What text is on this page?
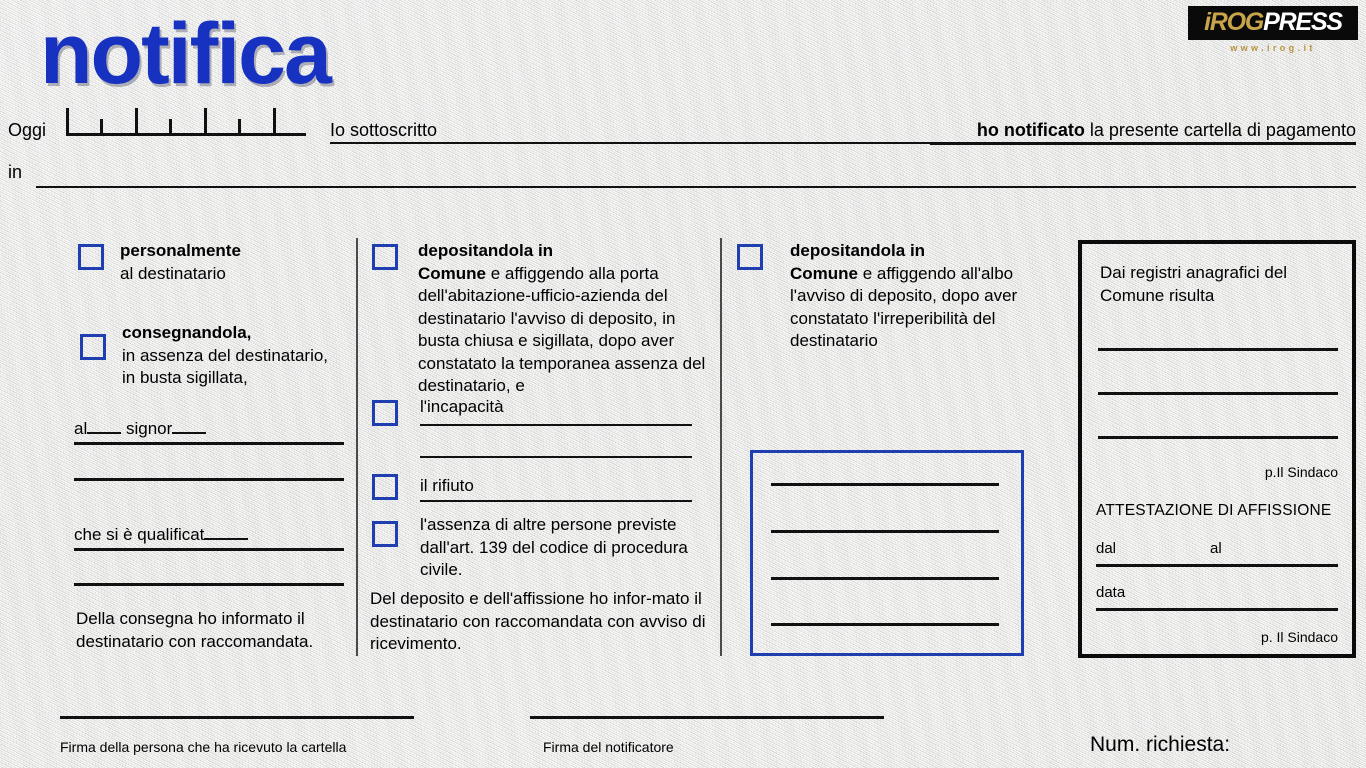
notifica	iROGPRESS
www.irog.it
Oggi	Io sottoscritto	ho notificato la presente cartella di pagamento
in
personalmente
al destinatario
consegnandola,
in assenza del destinatario, in busta sigillata,
al signor
che si è qualificat
Della consegna ho informato il destinatario con raccomandata.
depositandola in
Comune e affiggendo alla porta dell'abitazione-ufficio-azienda del destinatario l'avviso di deposito, in busta chiusa e sigillata, dopo aver constatato la temporanea assenza del destinatario, e
l'incapacità
il rifiuto
l'assenza di altre persone previste dall'art. 139 del codice di procedura civile.
Del deposito e dell'affissione ho infor-mato il destinatario con raccomandata con avviso di ricevimento.
depositandola in
Comune e affiggendo all'albo l'avviso di deposito, dopo aver constatato l'irreperibilità del destinatario
Dai registri anagrafici del Comune risulta
p.Il Sindaco
ATTESTAZIONE DI AFFISSIONE
dal	al
data
p. Il Sindaco
Firma della persona che ha ricevuto la cartella	Firma del notificatore	Num. richiesta:
